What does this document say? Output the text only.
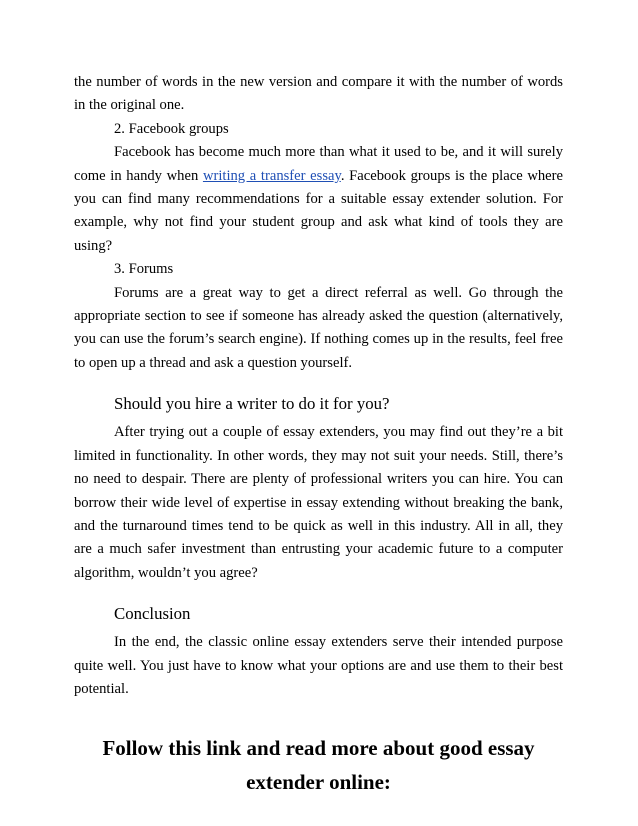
the number of words in the new version and compare it with the number of words in the original one.

2. Facebook groups

Facebook has become much more than what it used to be, and it will surely come in handy when writing a transfer essay. Facebook groups is the place where you can find many recommendations for a suitable essay extender solution. For example, why not find your student group and ask what kind of tools they are using?

3. Forums

Forums are a great way to get a direct referral as well. Go through the appropriate section to see if someone has already asked the question (alternatively, you can use the forum’s search engine). If nothing comes up in the results, feel free to open up a thread and ask a question yourself.

Should you hire a writer to do it for you?

After trying out a couple of essay extenders, you may find out they’re a bit limited in functionality. In other words, they may not suit your needs. Still, there’s no need to despair. There are plenty of professional writers you can hire. You can borrow their wide level of expertise in essay extending without breaking the bank, and the turnaround times tend to be quick as well in this industry. All in all, they are a much safer investment than entrusting your academic future to a computer algorithm, wouldn’t you agree?

Conclusion

In the end, the classic online essay extenders serve their intended purpose quite well. You just have to know what your options are and use them to their best potential.

Follow this link and read more about good essay
extender online:
